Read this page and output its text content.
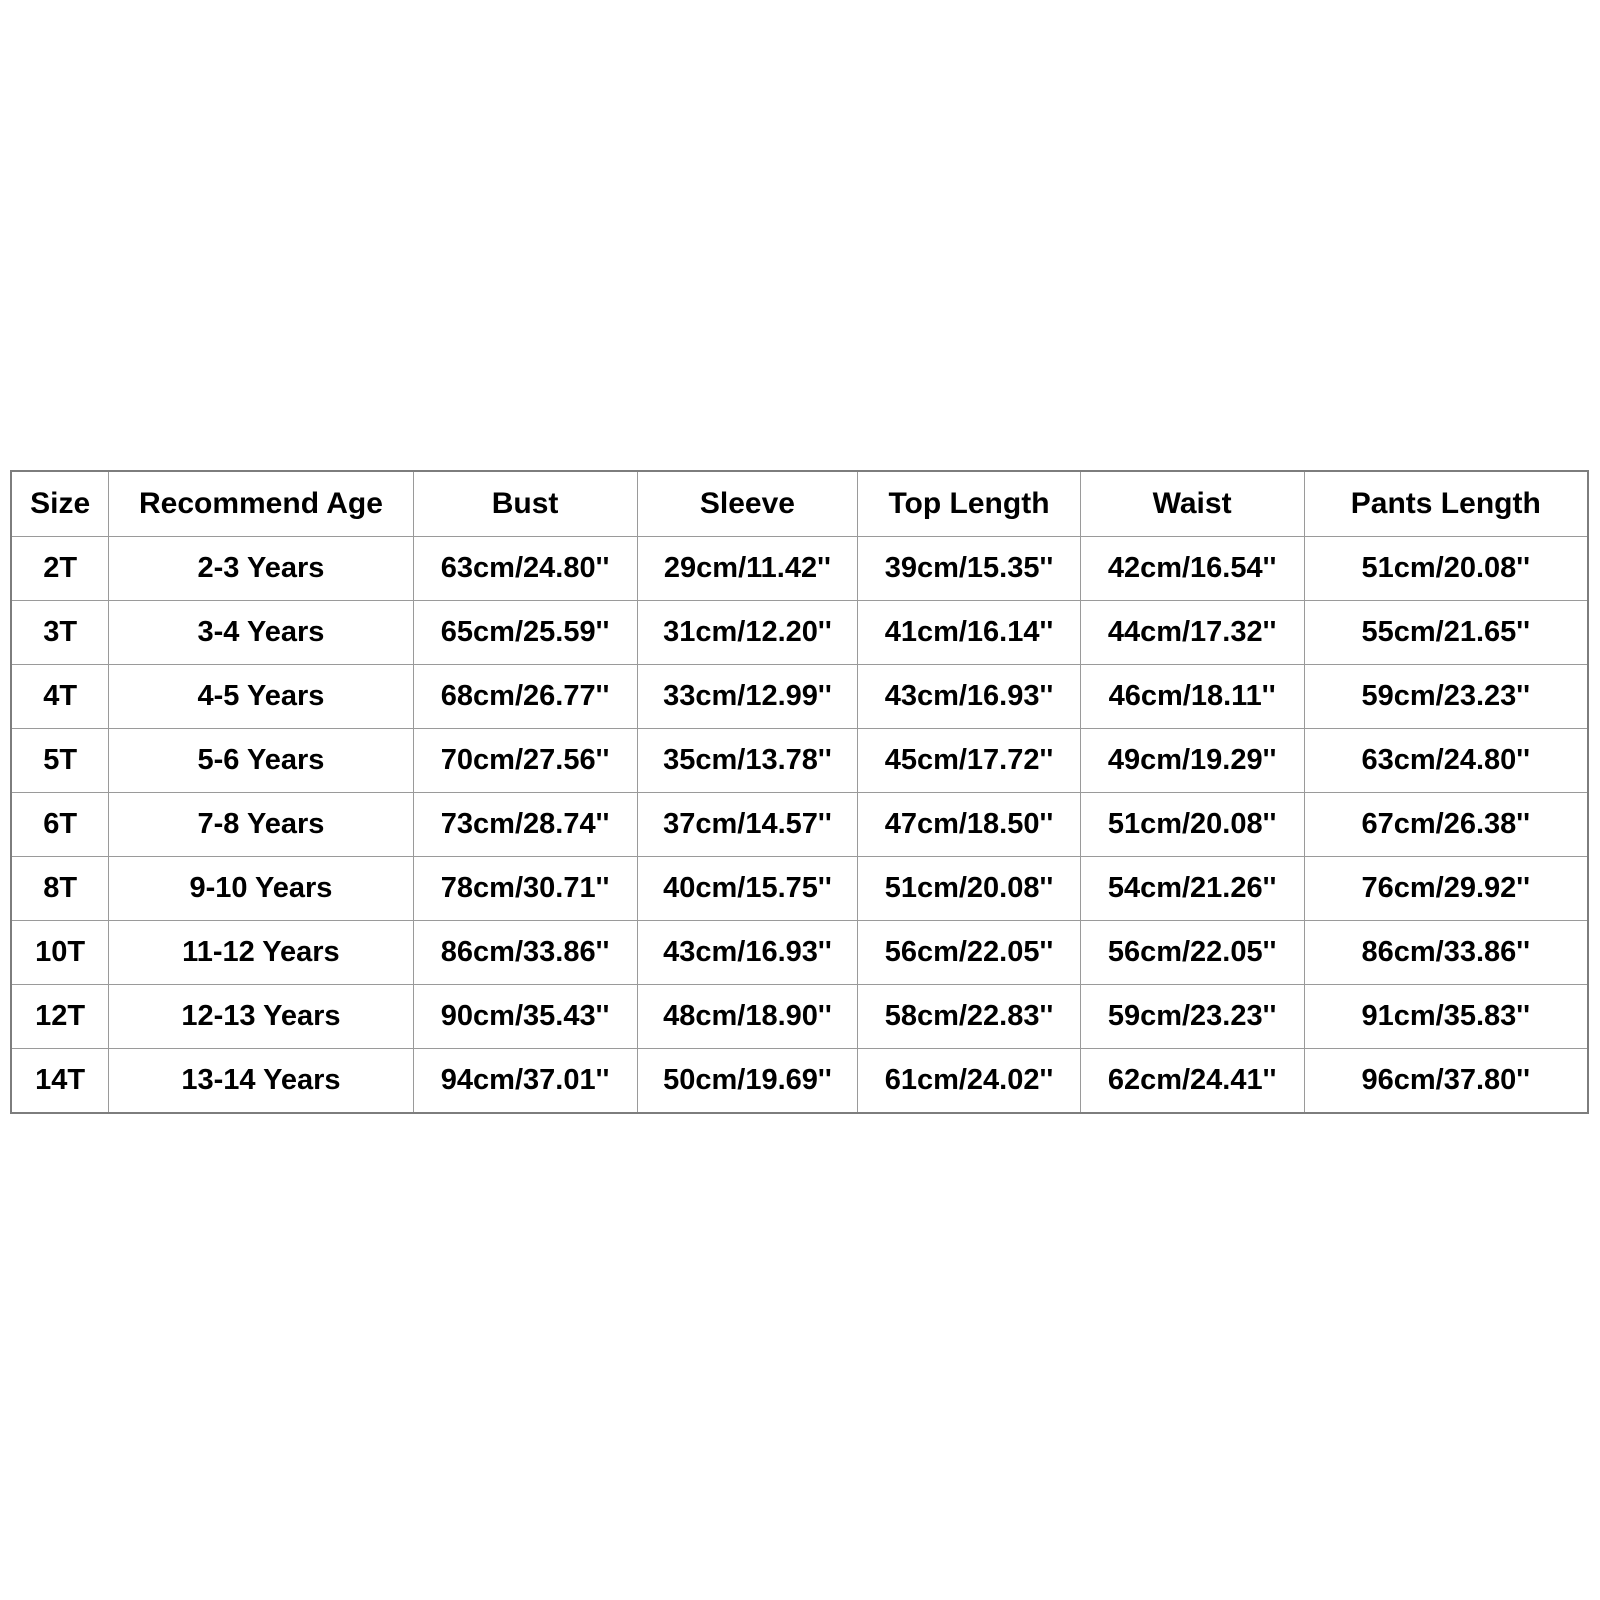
Size	Recommend Age	Bust	Sleeve	Top Length	Waist	Pants Length
2T	2-3 Years	63cm/24.80''	29cm/11.42''	39cm/15.35''	42cm/16.54''	51cm/20.08''
3T	3-4 Years	65cm/25.59''	31cm/12.20''	41cm/16.14''	44cm/17.32''	55cm/21.65''
4T	4-5 Years	68cm/26.77''	33cm/12.99''	43cm/16.93''	46cm/18.11''	59cm/23.23''
5T	5-6 Years	70cm/27.56''	35cm/13.78''	45cm/17.72''	49cm/19.29''	63cm/24.80''
6T	7-8 Years	73cm/28.74''	37cm/14.57''	47cm/18.50''	51cm/20.08''	67cm/26.38''
8T	9-10 Years	78cm/30.71''	40cm/15.75''	51cm/20.08''	54cm/21.26''	76cm/29.92''
10T	11-12 Years	86cm/33.86''	43cm/16.93''	56cm/22.05''	56cm/22.05''	86cm/33.86''
12T	12-13 Years	90cm/35.43''	48cm/18.90''	58cm/22.83''	59cm/23.23''	91cm/35.83''
14T	13-14 Years	94cm/37.01''	50cm/19.69''	61cm/24.02''	62cm/24.41''	96cm/37.80''
